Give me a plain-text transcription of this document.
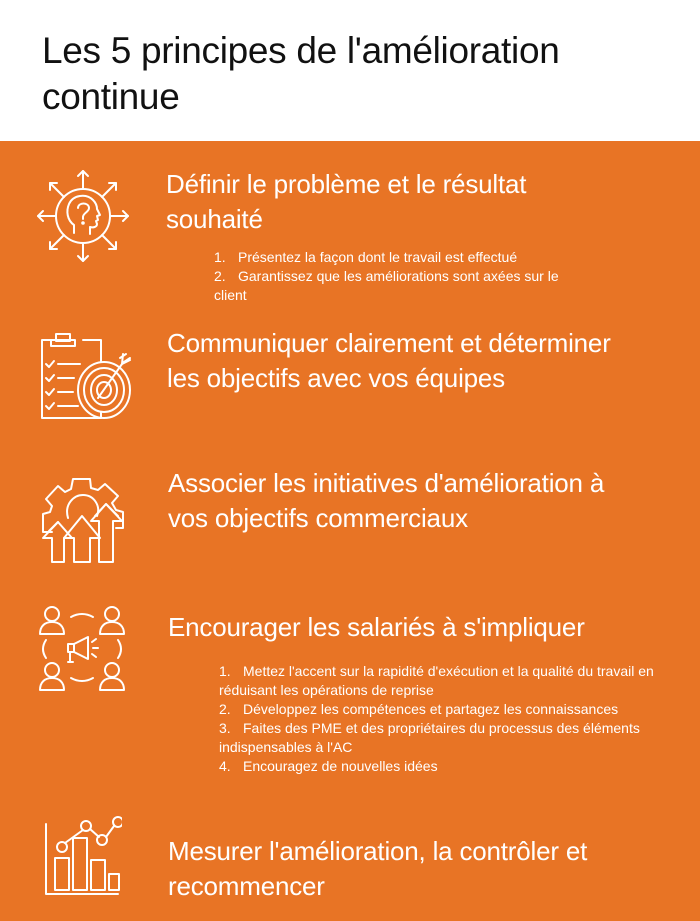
Les 5 principes de l'amélioration continue
Définir le problème et le résultat souhaité
1. Présentez la façon dont le travail est effectué
2. Garantissez que les améliorations sont axées sur le client
Communiquer clairement et déterminer les objectifs avec vos équipes
Associer les initiatives d'amélioration à vos objectifs commerciaux
Encourager les salariés à s'impliquer
1. Mettez l'accent sur la rapidité d'exécution et la qualité du travail en réduisant les opérations de reprise
2. Développez les compétences et partagez les connaissances
3. Faites des PME et des propriétaires du processus des éléments indispensables à l'AC
4. Encouragez de nouvelles idées
Mesurer l'amélioration, la contrôler et recommencer
